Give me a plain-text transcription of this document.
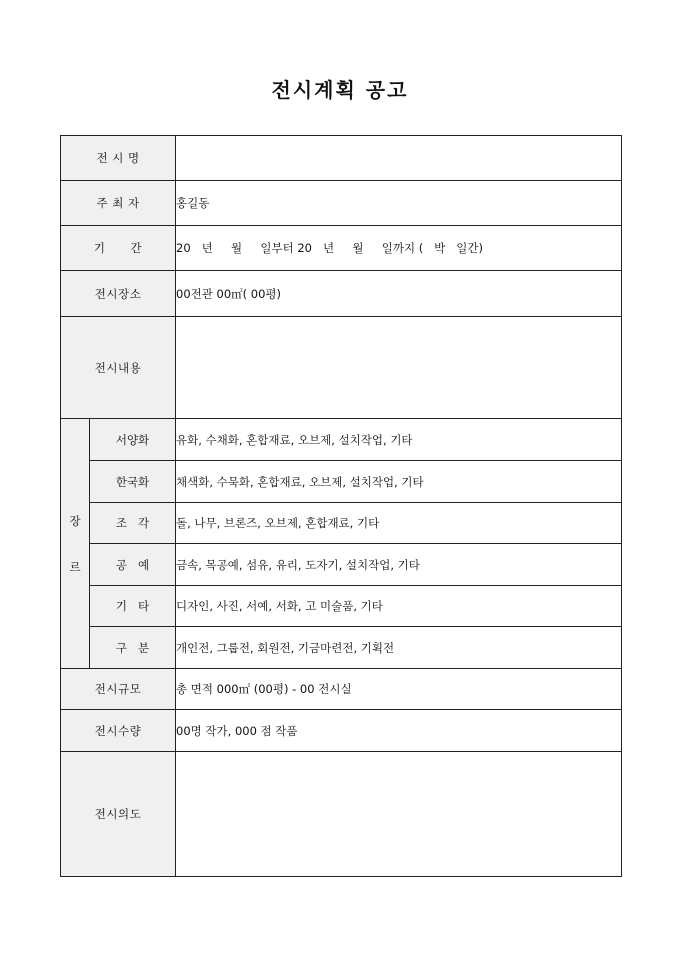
전시계획 공고
전 시 명		
주 최 자		홍길동
기      간		20   년     월     일부터 20   년     월     일까지 (   박   일간)
전시장소		00전관 00㎡( 00평)
전시내용		
장
르	서양화	유화, 수채화, 혼합재료, 오브제, 설치작업, 기타
	한국화	채색화, 수묵화, 혼합재료, 오브제, 설치작업, 기타
	조   각	돌, 나무, 브론즈, 오브제, 혼합재료, 기타
	공   예	금속, 목공예, 섬유, 유리, 도자기, 설치작업, 기타
	기   타	디자인, 사진, 서예, 서화, 고 미술품, 기타
	구   분	개인전, 그룹전, 회원전, 기금마련전, 기획전
전시규모		총 면적 000㎡ (00평) - 00 전시실
전시수량		00명 작가, 000 점 작품
전시의도		
